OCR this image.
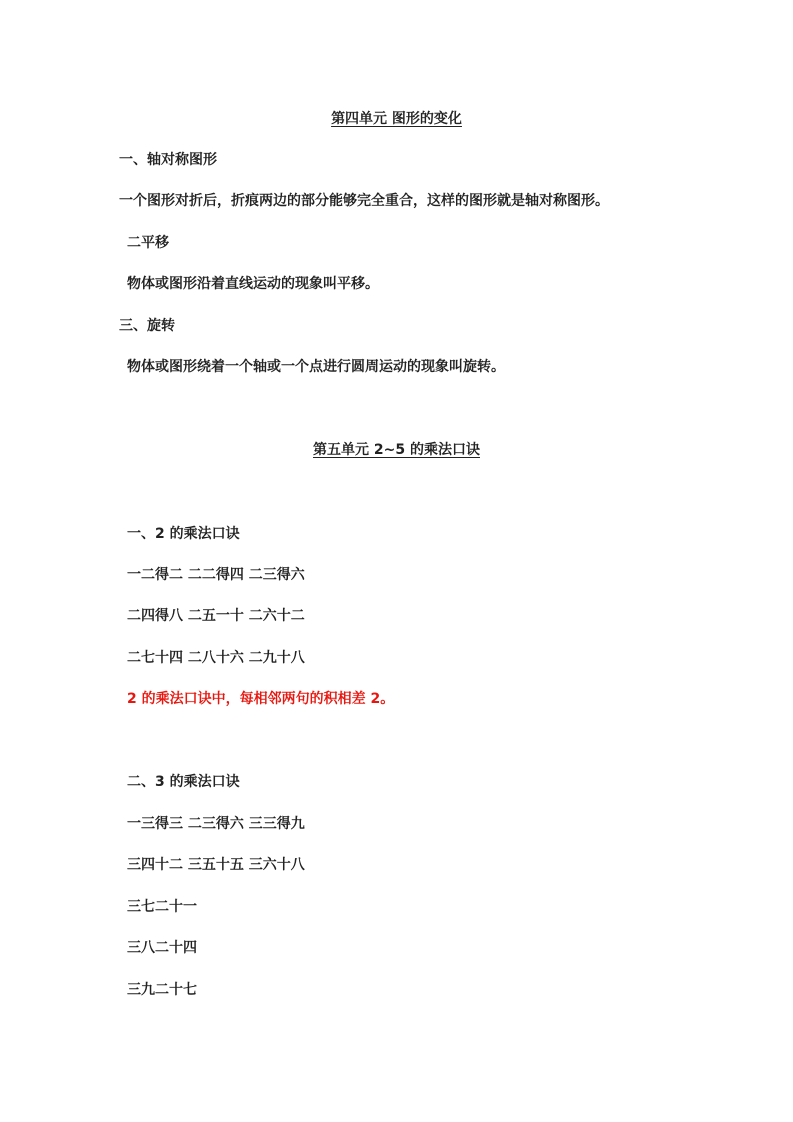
第四单元 图形的变化
一、轴对称图形
一个图形对折后，折痕两边的部分能够完全重合，这样的图形就是轴对称图形。
二平移
物体或图形沿着直线运动的现象叫平移。
三、旋转
物体或图形绕着一个轴或一个点进行圆周运动的现象叫旋转。
第五单元 2~5 的乘法口诀
一、2 的乘法口诀
一二得二 二二得四 二三得六
二四得八 二五一十 二六十二
二七十四 二八十六 二九十八
2 的乘法口诀中，每相邻两句的积相差 2。
二、3 的乘法口诀
一三得三 二三得六 三三得九
三四十二 三五十五 三六十八
三七二十一
三八二十四
三九二十七
